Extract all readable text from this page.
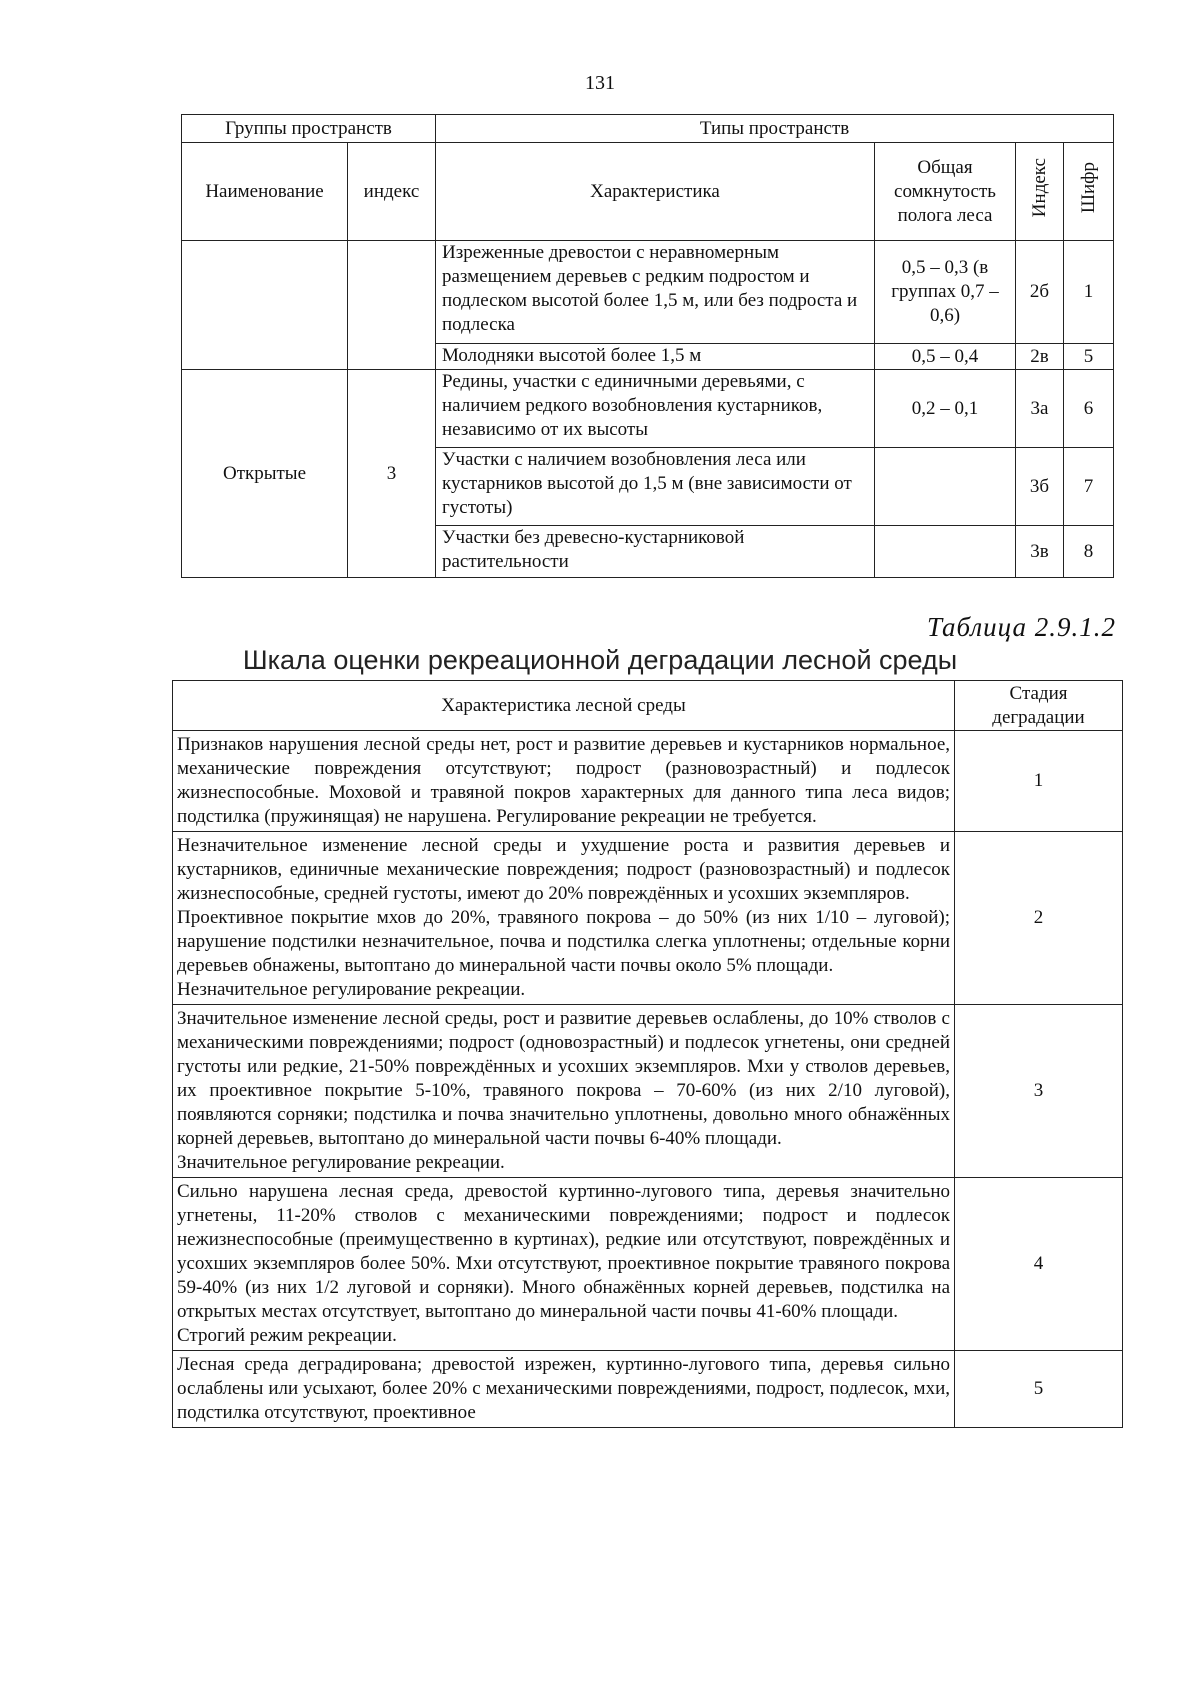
131
Группы пространств		Типы пространств			
Наименование	индекс	Характеристика	Общая сомкнутость полога леса	Индекс	Шифр
		Изреженные древостои с неравномерным размещением деревьев с редким подростом и подлеском высотой более 1,5 м, или без подроста и подлеска	0,5 – 0,3 (в группах 0,7 – 0,6)	2б	1
		Молодняки высотой более 1,5 м	0,5 – 0,4	2в	5
Открытые	3	Редины, участки с единичными деревьями, с наличием редкого возобновления кустарников, независимо от их высоты	0,2 – 0,1	3а	6
		Участки с наличием возобновления леса или кустарников высотой до 1,5 м (вне зависимости от густоты)		3б	7
		Участки без древесно-кустарниковой растительности		3в	8
Таблица 2.9.1.2
Шкала оценки рекреационной деградации лесной среды
Характеристика лесной среды	Стадия деградации

Признаков нарушения лесной среды нет, рост и развитие деревьев и кустарников нормальное, механические повреждения отсутствуют; подрост (разновозрастный) и подлесок жизнеспособные. Моховой и травяной покров характерных для данного типа леса видов; подстилка (пружинящая) не нарушена. Регулирование рекреации не требуется.	1

Незначительное изменение лесной среды и ухудшение роста и развития деревьев и кустарников, единичные механические повреждения; подрост (разновозрастный) и подлесок жизнеспособные, средней густоты, имеют до 20% повреждённых и усохших экземпляров.
Проективное покрытие мхов до 20%, травяного покрова – до 50% (из них 1/10 – луговой); нарушение подстилки незначительное, почва и подстилка слегка уплотнены; отдельные корни деревьев обнажены, вытоптано до минеральной части почвы около 5% площади.
Незначительное регулирование рекреации.	2

Значительное изменение лесной среды, рост и развитие деревьев ослаблены, до 10% стволов с механическими повреждениями; подрост (одновозрастный) и подлесок угнетены, они средней густоты или редкие, 21-50% повреждённых и усохших экземпляров. Мхи у стволов деревьев, их проективное покрытие 5-10%, травяного покрова – 70-60% (из них 2/10 луговой), появляются сорняки; подстилка и почва значительно уплотнены, довольно много обнажённых корней деревьев, вытоптано до минеральной части почвы 6-40% площади.
Значительное регулирование рекреации.	3

Сильно нарушена лесная среда, древостой куртинно-лугового типа, деревья значительно угнетены, 11-20% стволов с механическими повреждениями; подрост и подлесок нежизнеспособные (преимущественно в куртинах), редкие или отсутствуют, повреждённых и усохших экземпляров более 50%. Мхи отсутствуют, проективное покрытие травяного покрова 59-40% (из них 1/2 луговой и сорняки). Много обнажённых корней деревьев, подстилка на открытых местах отсутствует, вытоптано до минеральной части почвы 41-60% площади.
Строгий режим рекреации.	4

Лесная среда деградирована; древостой изрежен, куртинно-лугового типа, деревья сильно ослаблены или усыхают, более 20% с механическими повреждениями, подрост, подлесок, мхи, подстилка отсутствуют, проективное	5
